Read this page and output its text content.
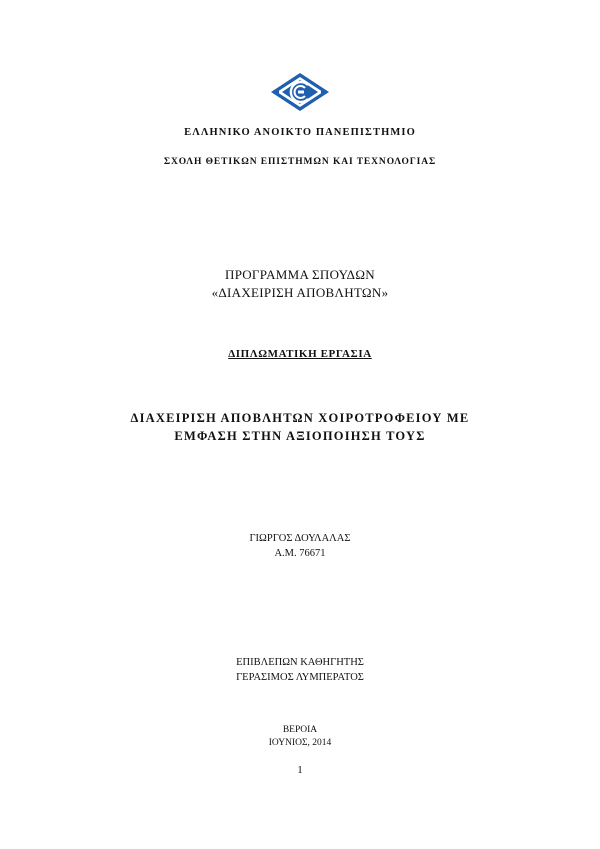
ΕΛΛΗΝΙΚΟ ΑΝΟΙΚΤΟ ΠΑΝΕΠΙΣΤΗΜΙΟ
ΣΧΟΛΗ ΘΕΤΙΚΩΝ ΕΠΙΣΤΗΜΩΝ ΚΑΙ ΤΕΧΝΟΛΟΓΙΑΣ
ΠΡΟΓΡΑΜΜΑ ΣΠΟΥΔΩΝ
«ΔΙΑΧΕΙΡΙΣΗ ΑΠΟΒΛΗΤΩΝ»
ΔΙΠΛΩΜΑΤΙΚΗ ΕΡΓΑΣΙΑ
ΔΙΑΧΕΙΡΙΣΗ ΑΠΟΒΛΗΤΩΝ ΧΟΙΡΟΤΡΟΦΕΙΟΥ ΜΕ
ΕΜΦΑΣΗ ΣΤΗΝ ΑΞΙΟΠΟΙΗΣΗ ΤΟΥΣ
ΓΙΩΡΓΟΣ ΔΟΥΛΑΛΑΣ
Α.Μ. 76671
ΕΠΙΒΛΕΠΩΝ ΚΑΘΗΓΗΤΗΣ
ΓΕΡΑΣΙΜΟΣ ΛΥΜΠΕΡΑΤΟΣ
ΒΕΡΟΙΑ
ΙΟΥΝΙΟΣ, 2014
1
